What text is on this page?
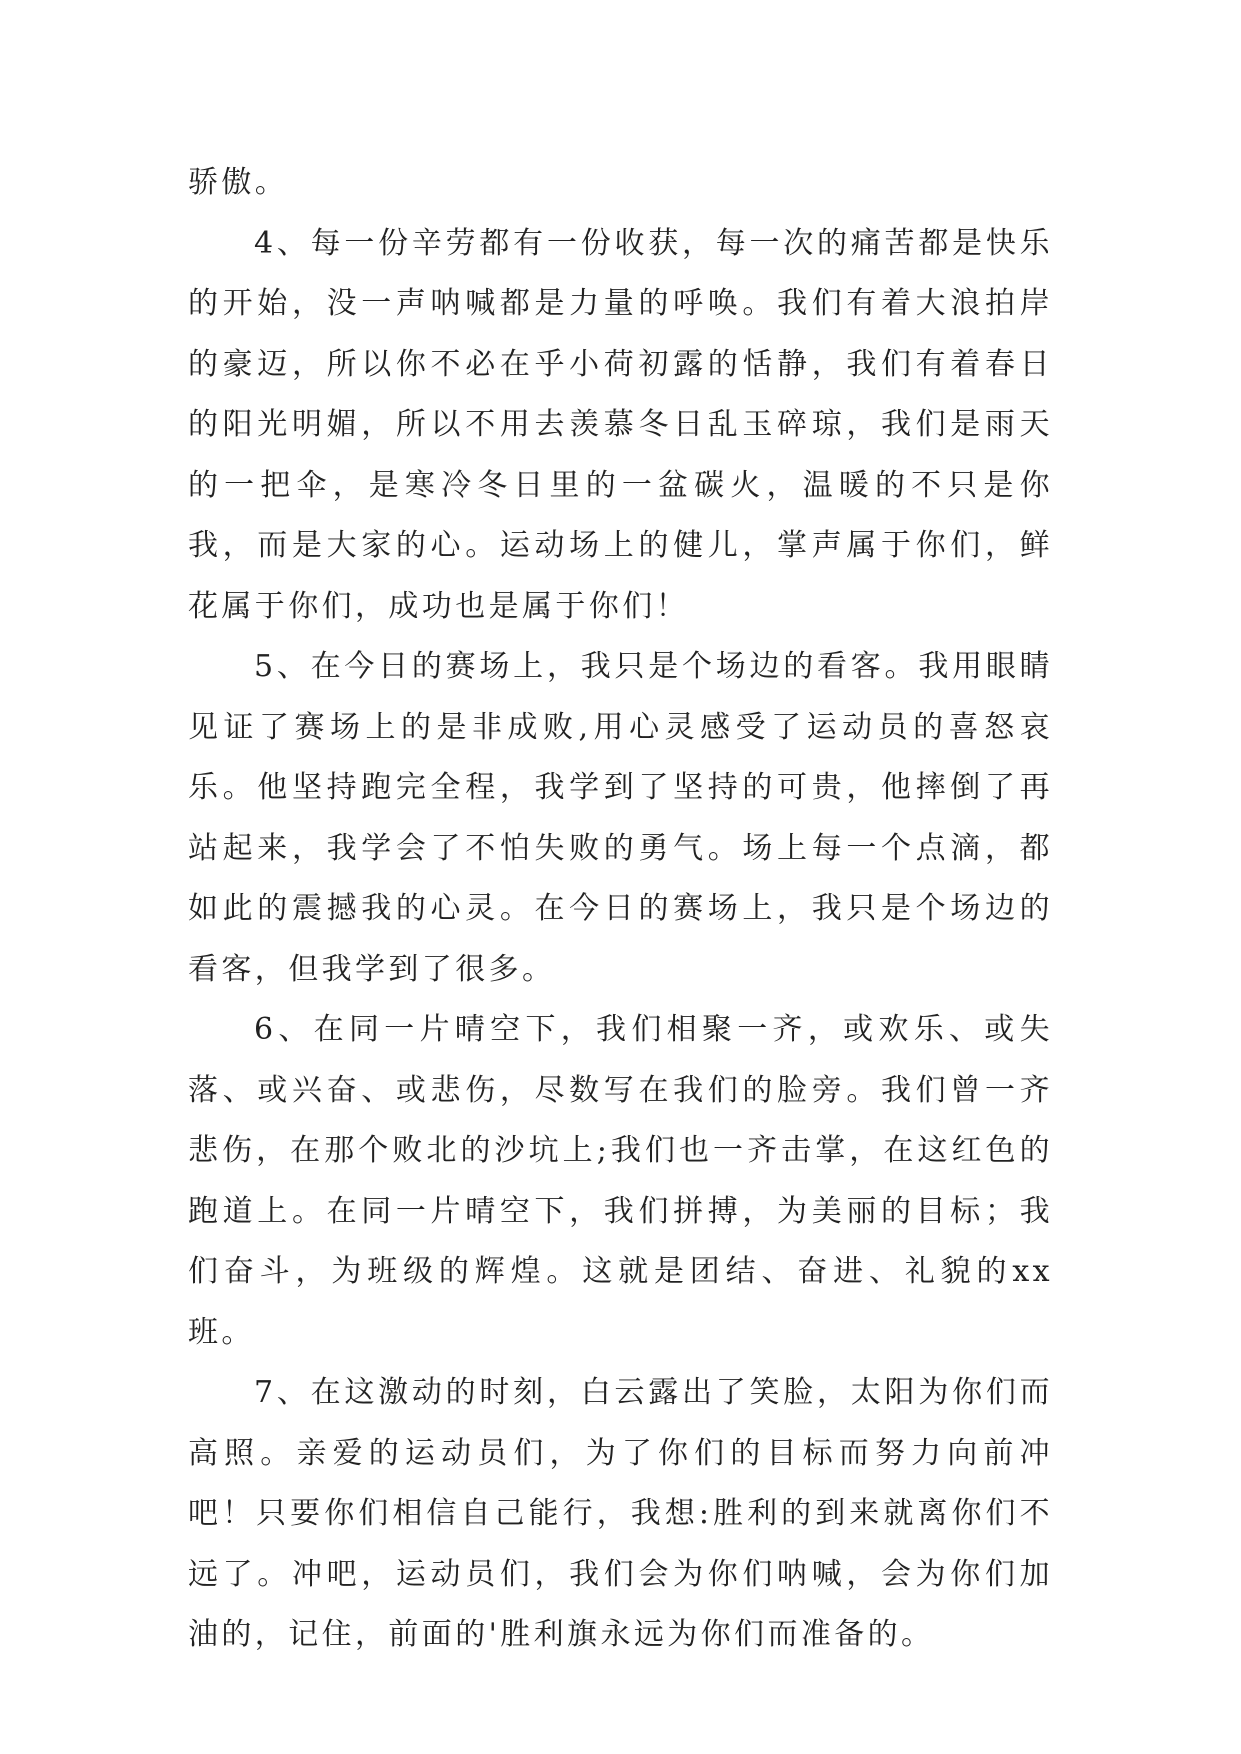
骄傲。

4、每一份辛劳都有一份收获，每一次的痛苦都是快乐的开始，没一声呐喊都是力量的呼唤。我们有着大浪拍岸的豪迈，所以你不必在乎小荷初露的恬静，我们有着春日的阳光明媚，所以不用去羡慕冬日乱玉碎琼，我们是雨天的一把伞，是寒冷冬日里的一盆碳火，温暖的不只是你我，而是大家的心。运动场上的健儿，掌声属于你们，鲜花属于你们，成功也是属于你们！

5、在今日的赛场上，我只是个场边的看客。我用眼睛见证了赛场上的是非成败,用心灵感受了运动员的喜怒哀乐。他坚持跑完全程，我学到了坚持的可贵，他摔倒了再站起来，我学会了不怕失败的勇气。场上每一个点滴，都如此的震撼我的心灵。在今日的赛场上，我只是个场边的看客，但我学到了很多。

6、在同一片晴空下，我们相聚一齐，或欢乐、或失落、或兴奋、或悲伤，尽数写在我们的脸旁。我们曾一齐悲伤，在那个败北的沙坑上;我们也一齐击掌，在这红色的跑道上。在同一片晴空下，我们拼搏，为美丽的目标；我们奋斗，为班级的辉煌。这就是团结、奋进、礼貌的xx班。

7、在这激动的时刻，白云露出了笑脸，太阳为你们而高照。亲爱的运动员们，为了你们的目标而努力向前冲吧！只要你们相信自己能行，我想:胜利的到来就离你们不远了。冲吧，运动员们，我们会为你们呐喊，会为你们加油的，记住，前面的'胜利旗永远为你们而准备的。
